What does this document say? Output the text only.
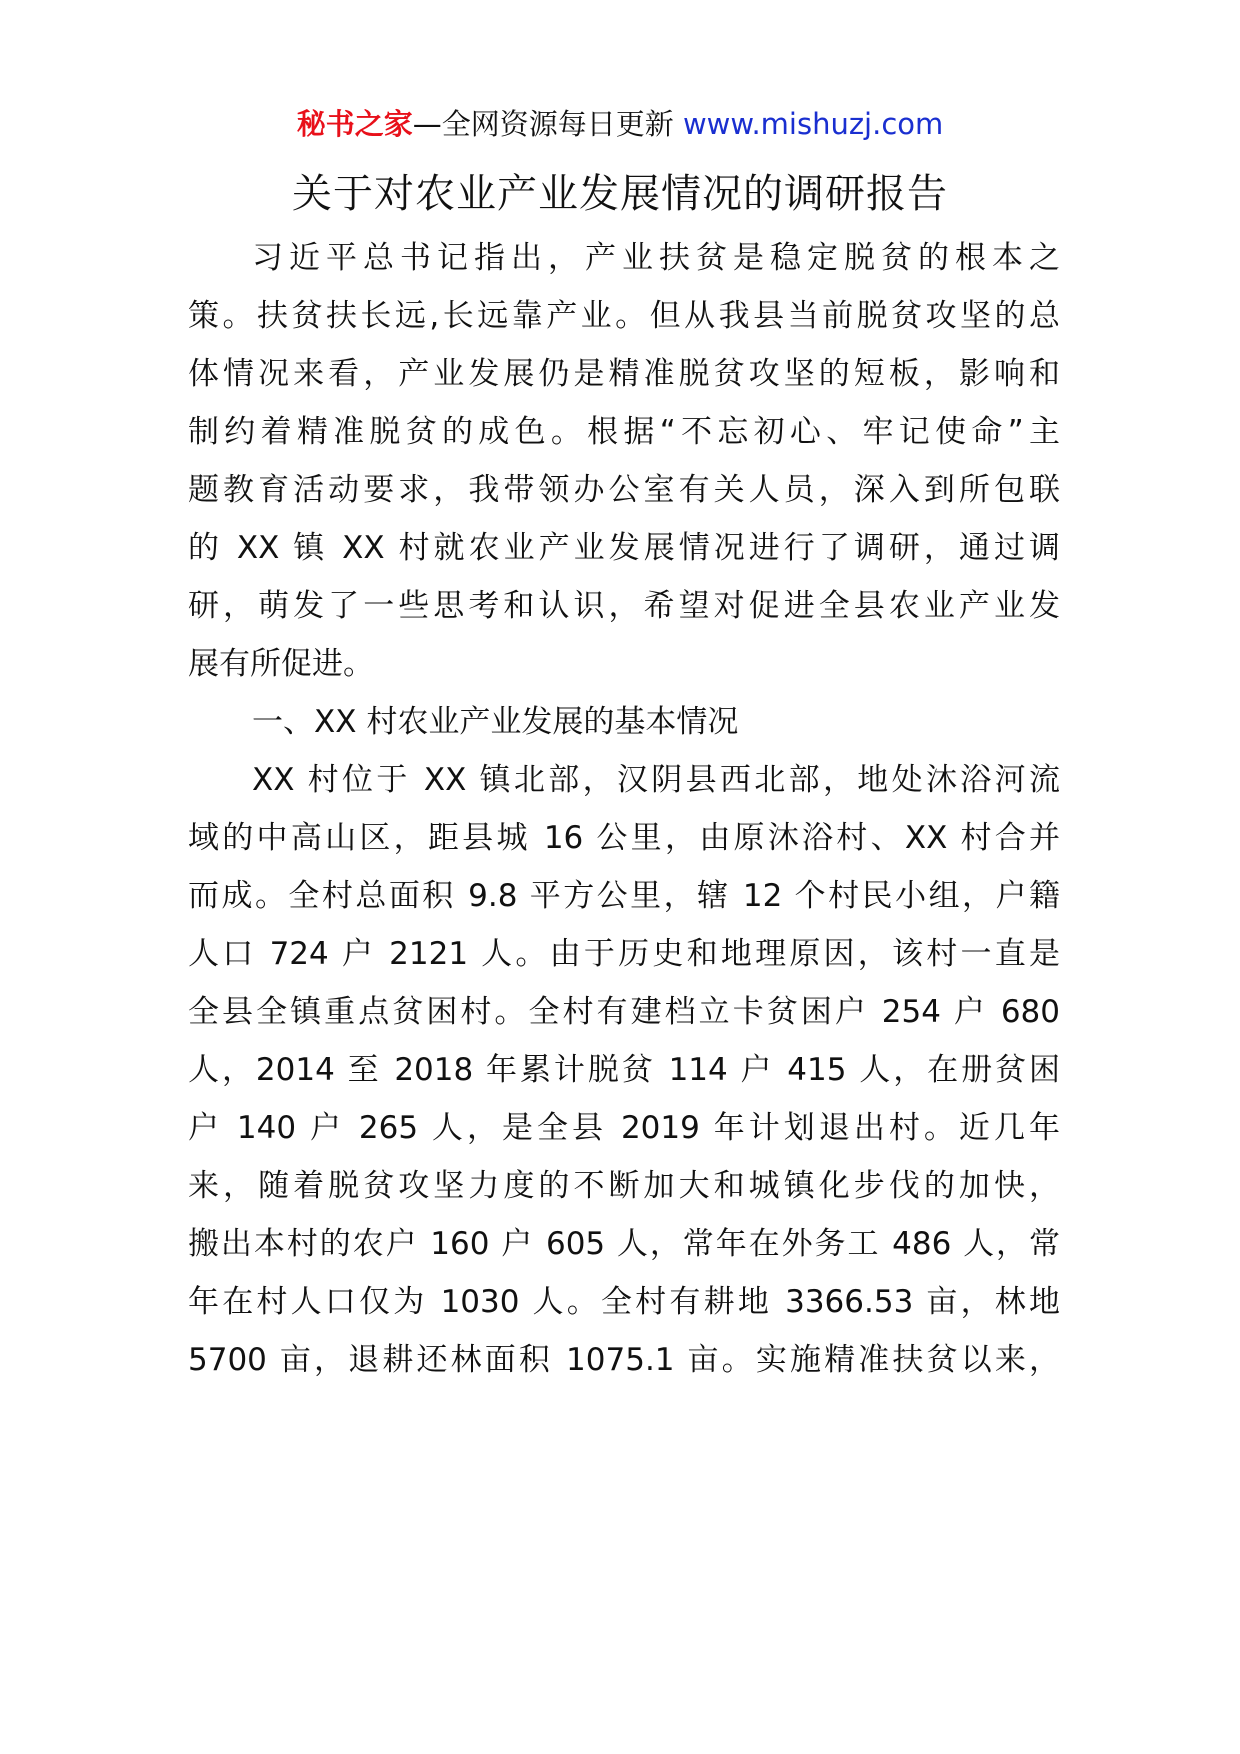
秘书之家—全网资源每日更新 www.mishuzj.com
关于对农业产业发展情况的调研报告
习近平总书记指出，产业扶贫是稳定脱贫的根本之
策。扶贫扶长远,长远靠产业。但从我县当前脱贫攻坚的总
体情况来看，产业发展仍是精准脱贫攻坚的短板，影响和
制约着精准脱贫的成色。根据“不忘初心、牢记使命”主
题教育活动要求，我带领办公室有关人员，深入到所包联
的 XX 镇 XX 村就农业产业发展情况进行了调研，通过调
研，萌发了一些思考和认识，希望对促进全县农业产业发
展有所促进。
一、XX 村农业产业发展的基本情况
XX 村位于 XX 镇北部，汉阴县西北部，地处沐浴河流
域的中高山区，距县城 16 公里，由原沐浴村、XX 村合并
而成。全村总面积 9.8 平方公里，辖 12 个村民小组，户籍
人口 724 户 2121 人。由于历史和地理原因，该村一直是
全县全镇重点贫困村。全村有建档立卡贫困户 254 户 680
人，2014 至 2018 年累计脱贫 114 户 415 人，在册贫困
户 140 户 265 人，是全县 2019 年计划退出村。近几年
来，随着脱贫攻坚力度的不断加大和城镇化步伐的加快，
搬出本村的农户 160 户 605 人，常年在外务工 486 人，常
年在村人口仅为 1030 人。全村有耕地 3366.53 亩，林地
5700 亩，退耕还林面积 1075.1 亩。实施精准扶贫以来，
